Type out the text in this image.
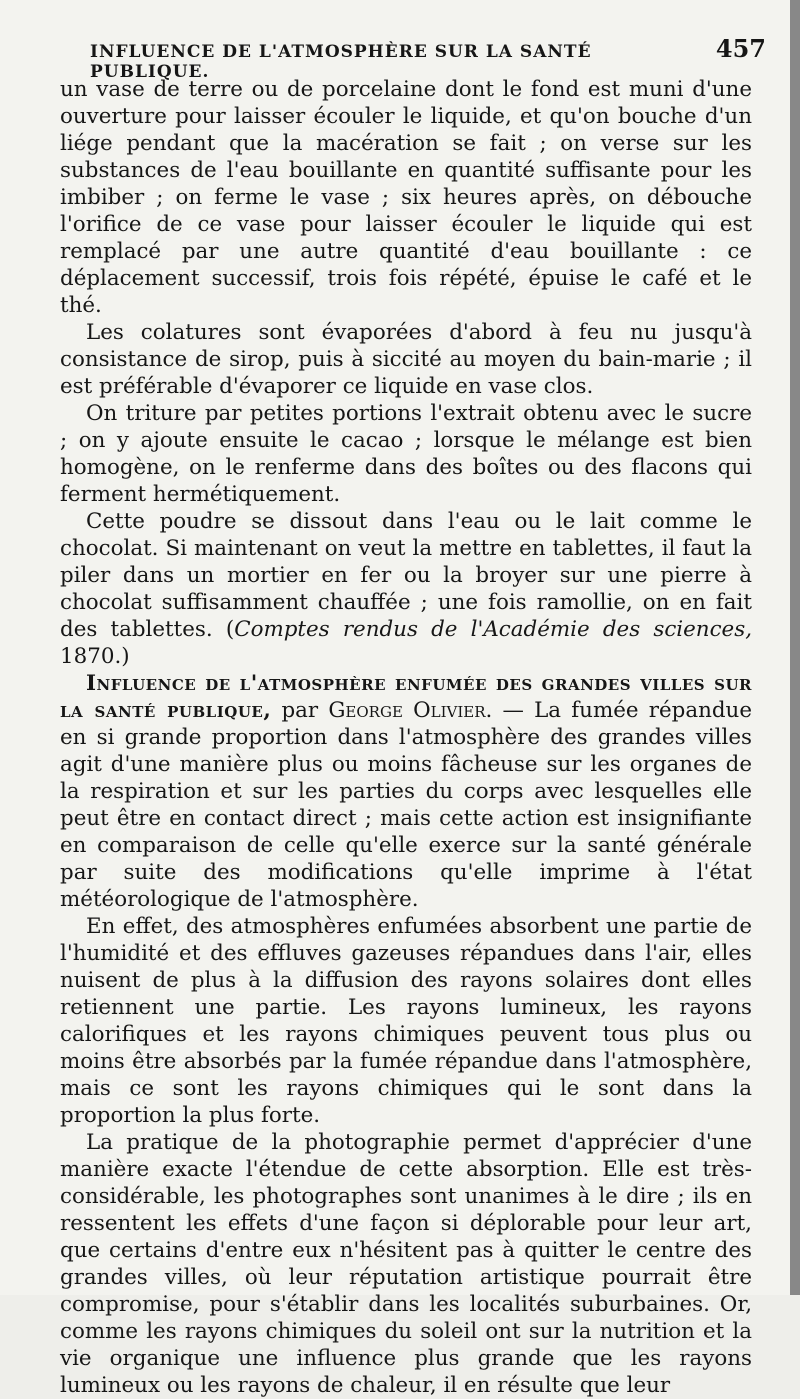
INFLUENCE DE L'ATMOSPHÈRE SUR LA SANTÉ PUBLIQUE.
457

un vase de terre ou de porcelaine dont le fond est muni d'une ouverture pour laisser écouler le liquide, et qu'on bouche d'un liége pendant que la macération se fait ; on verse sur les substances de l'eau bouillante en quantité suffisante pour les imbiber ; on ferme le vase ; six heures après, on débouche l'orifice de ce vase pour laisser écouler le liquide qui est remplacé par une autre quantité d'eau bouillante : ce déplacement successif, trois fois répété, épuise le café et le thé.

Les colatures sont évaporées d'abord à feu nu jusqu'à consistance de sirop, puis à siccité au moyen du bain-marie ; il est préférable d'évaporer ce liquide en vase clos.

On triture par petites portions l'extrait obtenu avec le sucre ; on y ajoute ensuite le cacao ; lorsque le mélange est bien homogène, on le renferme dans des boîtes ou des flacons qui ferment hermétiquement.

Cette poudre se dissout dans l'eau ou le lait comme le chocolat. Si maintenant on veut la mettre en tablettes, il faut la piler dans un mortier en fer ou la broyer sur une pierre à chocolat suffisamment chauffée ; une fois ramollie, on en fait des tablettes. (Comptes rendus de l'Académie des sciences, 1870.)

Influence de l'atmosphère enfumée des grandes villes sur la santé publique, par George Olivier. — La fumée répandue en si grande proportion dans l'atmosphère des grandes villes agit d'une manière plus ou moins fâcheuse sur les organes de la respiration et sur les parties du corps avec lesquelles elle peut être en contact direct ; mais cette action est insignifiante en comparaison de celle qu'elle exerce sur la santé générale par suite des modifications qu'elle imprime à l'état météorologique de l'atmosphère.

En effet, des atmosphères enfumées absorbent une partie de l'humidité et des effluves gazeuses répandues dans l'air, elles nuisent de plus à la diffusion des rayons solaires dont elles retiennent une partie. Les rayons lumineux, les rayons calorifiques et les rayons chimiques peuvent tous plus ou moins être absorbés par la fumée répandue dans l'atmosphère, mais ce sont les rayons chimiques qui le sont dans la proportion la plus forte.

La pratique de la photographie permet d'apprécier d'une manière exacte l'étendue de cette absorption. Elle est très-considérable, les photographes sont unanimes à le dire ; ils en ressentent les effets d'une façon si déplorable pour leur art, que certains d'entre eux n'hésitent pas à quitter le centre des grandes villes, où leur réputation artistique pourrait être compromise, pour s'établir dans les localités suburbaines. Or, comme les rayons chimiques du soleil ont sur la nutrition et la vie organique une influence plus grande que les rayons lumineux ou les rayons de chaleur, il en résulte que leur
